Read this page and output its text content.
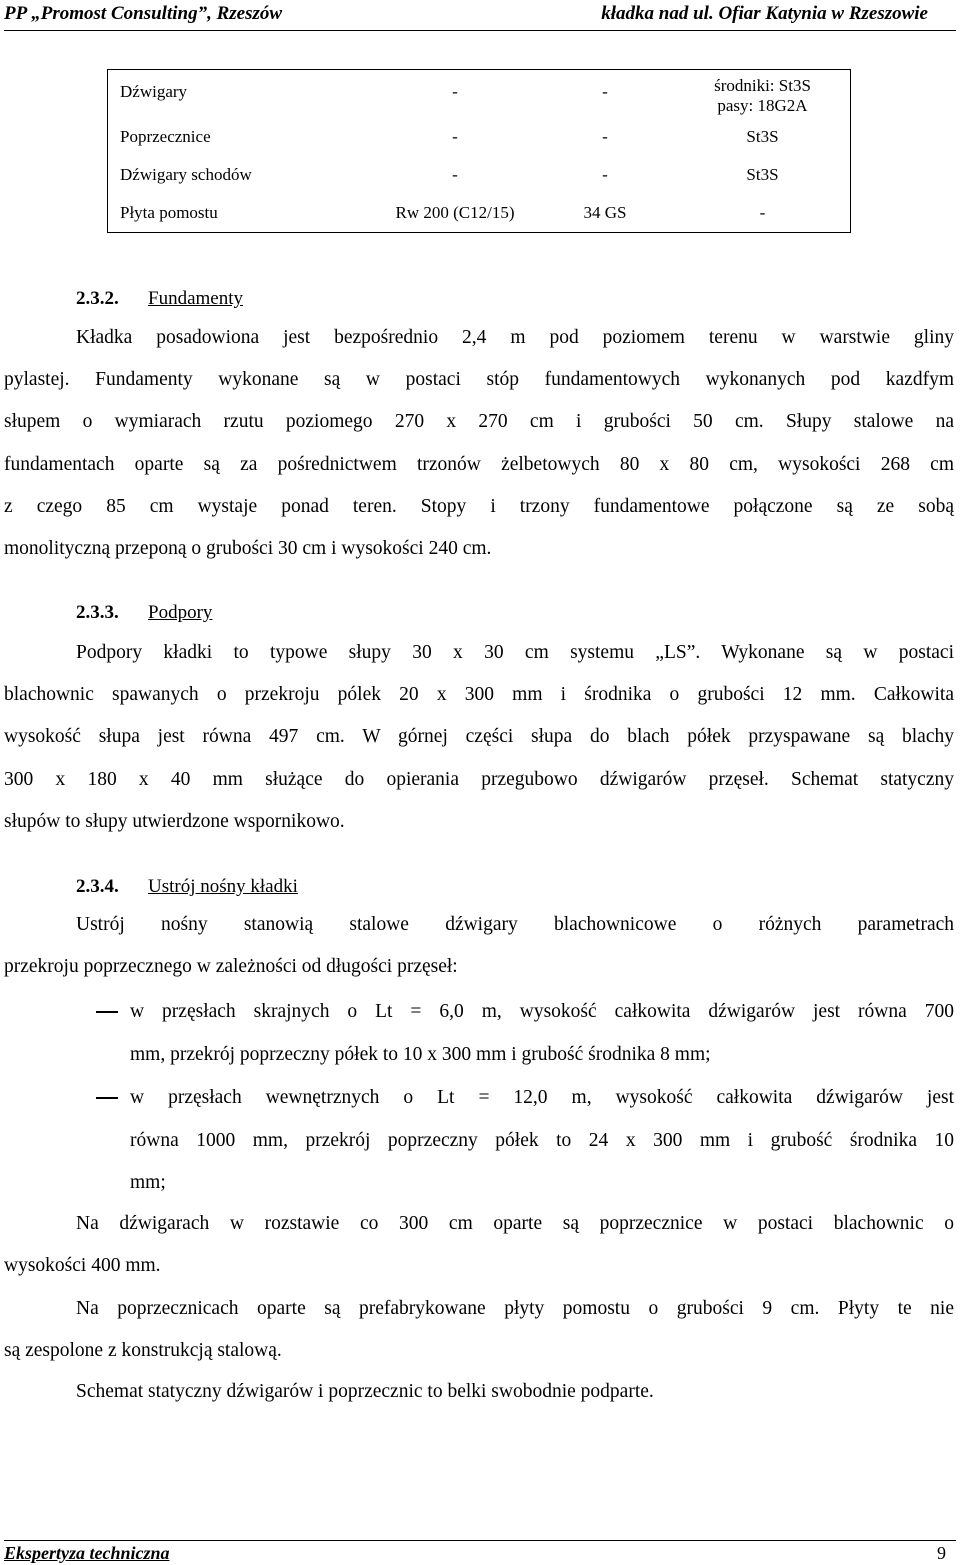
PP „Promost Consulting”, Rzeszów	kładka nad ul. Ofiar Katynia w Rzeszowie
Dźwigary	-	-	środniki: St3S
pasy: 18G2A

Poprzecznice	-	-	St3S
Dźwigary schodów	-	-	St3S
Płyta pomostu	Rw 200 (C12/15)	34 GS	-
2.3.2. Fundamenty
Kładka posadowiona jest bezpośrednio 2,4 m pod poziomem terenu w warstwie gliny
pylastej. Fundamenty wykonane są w postaci stóp fundamentowych wykonanych pod kazdfym
słupem o wymiarach rzutu poziomego 270 x 270 cm i grubości 50 cm. Słupy stalowe na
fundamentach oparte są za pośrednictwem trzonów żelbetowych 80 x 80 cm, wysokości 268 cm
z czego 85 cm wystaje ponad teren. Stopy i trzony fundamentowe połączone są ze sobą
monolityczną przeponą o grubości 30 cm i wysokości 240 cm.
2.3.3. Podpory
Podpory kładki to typowe słupy 30 x 30 cm systemu „LS”. Wykonane są w postaci
blachownic spawanych o przekroju pólek 20 x 300 mm i środnika o grubości 12 mm. Całkowita
wysokość słupa jest równa 497 cm. W górnej części słupa do blach półek przyspawane są blachy
300 x 180 x 40 mm służące do opierania przegubowo dźwigarów przęseł. Schemat statyczny
słupów to słupy utwierdzone wspornikowo.
2.3.4. Ustrój nośny kładki
Ustrój nośny stanowią stalowe dźwigary blachownicowe o różnych parametrach
przekroju poprzecznego w zależności od długości przęseł:
w przęsłach skrajnych o Lt = 6,0 m, wysokość całkowita dźwigarów jest równa 700
mm, przekrój poprzeczny półek to 10 x 300 mm i grubość środnika 8 mm;
w przęsłach wewnętrznych o Lt = 12,0 m, wysokość całkowita dźwigarów jest
równa 1000 mm, przekrój poprzeczny półek to 24 x 300 mm i grubość środnika 10
mm;
Na dźwigarach w rozstawie co 300 cm oparte są poprzecznice w postaci blachownic o
wysokości 400 mm.
Na poprzecznicach oparte są prefabrykowane płyty pomostu o grubości 9 cm. Płyty te nie
są zespolone z konstrukcją stalową.
Schemat statyczny dźwigarów i poprzecznic to belki swobodnie podparte.
Ekspertyza techniczna	9
